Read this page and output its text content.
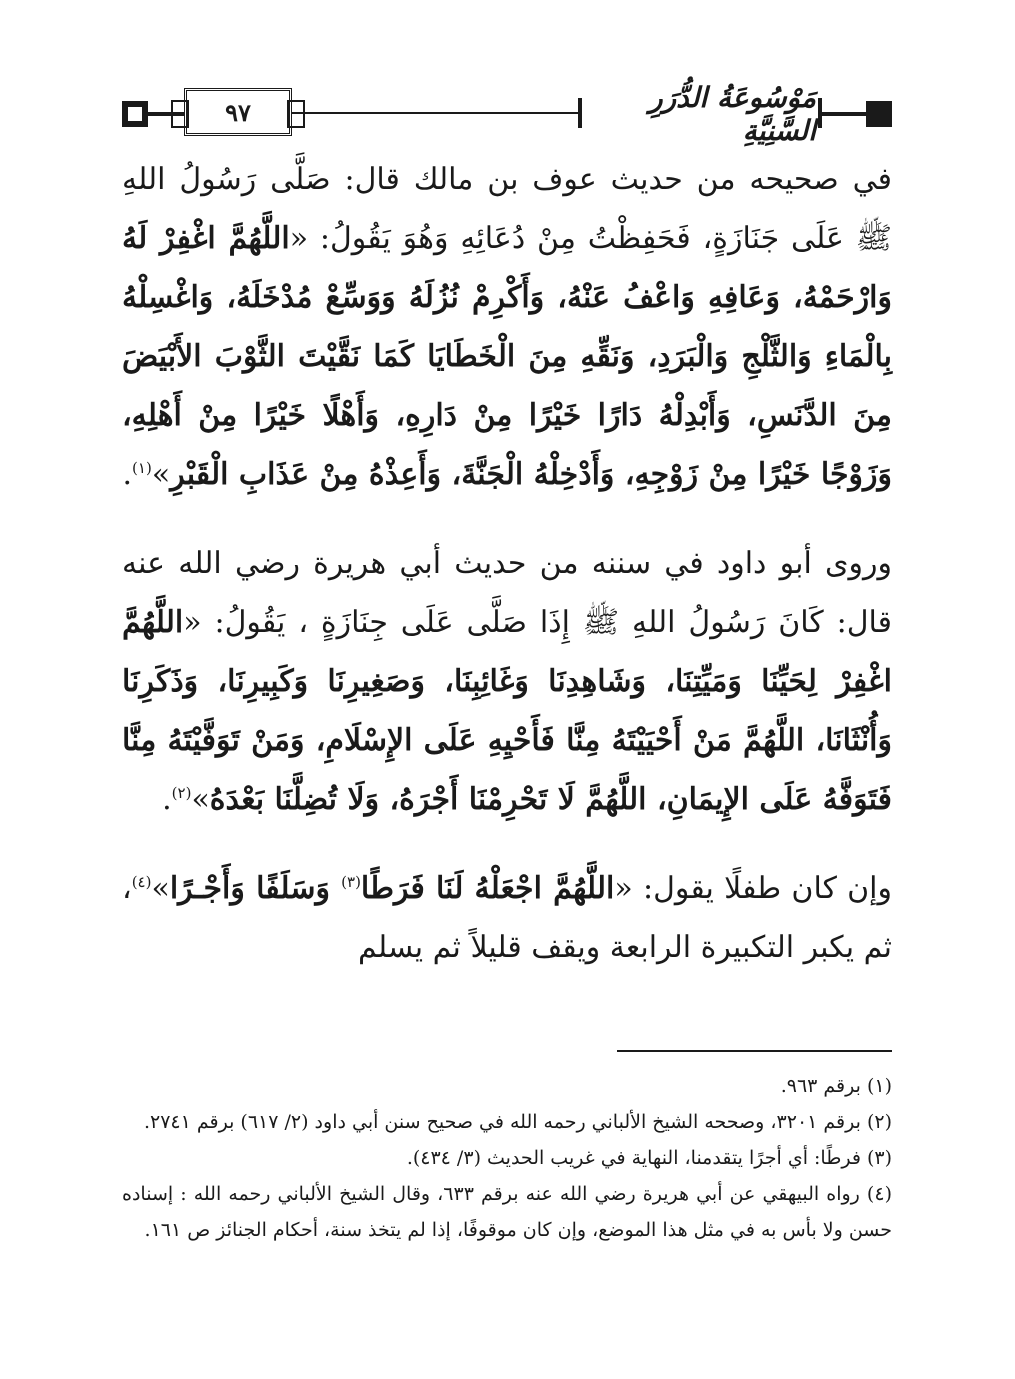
٩٧	مَوْسُوعَةُ الدُّرَرِ السَّنِيَّةِ

في صحيحه من حديث عوف بن مالك قال: صَلَّى رَسُولُ اللهِ ﷺ عَلَى جَنَازَةٍ، فَحَفِظْتُ مِنْ دُعَائِهِ وَهُوَ يَقُولُ: «اللَّهُمَّ اغْفِرْ لَهُ وَارْحَمْهُ، وَعَافِهِ وَاعْفُ عَنْهُ، وَأَكْرِمْ نُزُلَهُ وَوَسِّعْ مُدْخَلَهُ، وَاغْسِلْهُ بِالْمَاءِ وَالثَّلْجِ وَالْبَرَدِ، وَنَقِّهِ مِنَ الْخَطَايَا كَمَا نَقَّيْتَ الثَّوْبَ الأَبْيَضَ مِنَ الدَّنَسِ، وَأَبْدِلْهُ دَارًا خَيْرًا مِنْ دَارِهِ، وَأَهْلًا خَيْرًا مِنْ أَهْلِهِ، وَزَوْجًا خَيْرًا مِنْ زَوْجِهِ، وَأَدْخِلْهُ الْجَنَّةَ، وَأَعِذْهُ مِنْ عَذَابِ الْقَبْرِ»$^{(١)}$.

وروى أبو داود في سننه من حديث أبي هريرة رضي الله عنه قال: كَانَ رَسُولُ اللهِ ﷺ إِذَا صَلَّى عَلَى جِنَازَةٍ ، يَقُولُ: «اللَّهُمَّ اغْفِرْ لِحَيِّنَا وَمَيِّتِنَا، وَشَاهِدِنَا وَغَائِبِنَا، وَصَغِيرِنَا وَكَبِيرِنَا، وَذَكَرِنَا وَأُنْثَانَا، اللَّهُمَّ مَنْ أَحْيَيْتَهُ مِنَّا فَأَحْيِهِ عَلَى الإِسْلَامِ، وَمَنْ تَوَفَّيْتَهُ مِنَّا فَتَوَفَّهُ عَلَى الإِيمَانِ، اللَّهُمَّ لَا تَحْرِمْنَا أَجْرَهُ، وَلَا تُضِلَّنَا بَعْدَهُ»$^{(٢)}$.

وإن كان طفلًا يقول: «اللَّهُمَّ اجْعَلْهُ لَنَا فَرَطًا$^{(٣)}$ وَسَلَفًا وَأَجْـرًا»$^{(٤)}$، ثم يكبر التكبيرة الرابعة ويقف قليلاً ثم يسلم

(١) برقم ٩٦٣.

(٢) برقم ٣٢٠١، وصححه الشيخ الألباني رحمه الله في صحيح سنن أبي داود (٢/ ٦١٧) برقم ٢٧٤١.

(٣) فرطًا: أي أجرًا يتقدمنا، النهاية في غريب الحديث (٣/ ٤٣٤).

(٤) رواه البيهقي عن أبي هريرة رضي الله عنه برقم ٦٣٣، وقال الشيخ الألباني رحمه الله : إسناده حسن ولا بأس به في مثل هذا الموضع، وإن كان موقوفًا، إذا لم يتخذ سنة، أحكام الجنائز ص ١٦١.
